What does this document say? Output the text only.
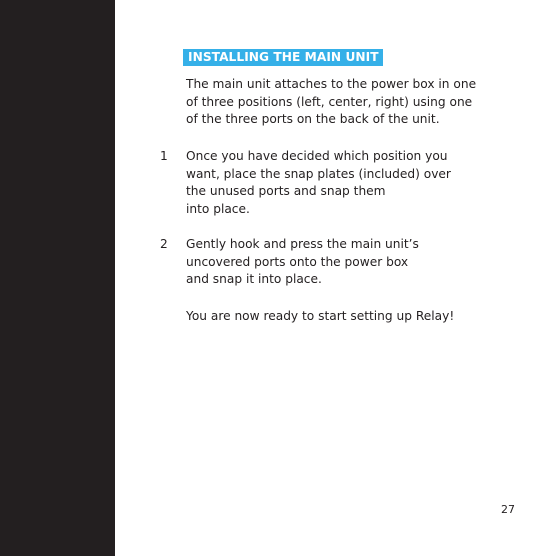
INSTALLING THE MAIN UNIT
The main unit attaches to the power box in one
of three positions (left, center, right) using one
of the three ports on the back of the unit.
1 Once you have decided which position you
want, place the snap plates (included) over
the unused ports and snap them
into place.
2 Gently hook and press the main unit’s
uncovered ports onto the power box
and snap it into place.
You are now ready to start setting up Relay!
27
